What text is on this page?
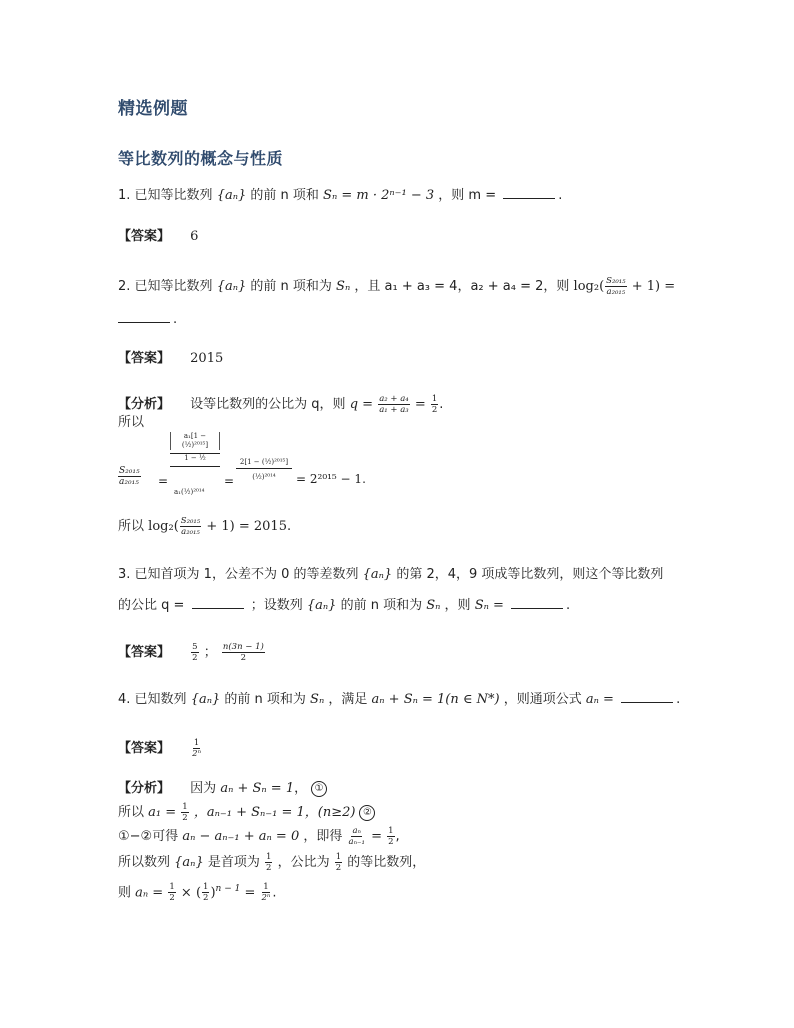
精选例题
等比数列的概念与性质
1. 已知等比数列 {aₙ} 的前 n 项和 Sₙ = m · 2ⁿ⁻¹ − 3 ，则 m =	.
【答案】 6
2. 已知等比数列 {aₙ} 的前 n 项和为 Sₙ ，且 a₁ + a₃ = 4，a₂ + a₄ = 2，则 $\log_2( \frac{\text{S₂₀₁₅}}{\text{a₂₀₁₅}} + 1)$ =
.
【答案】 2015
【分析】 设等比数列的公比为 q，则 $q = \frac{\text{a₂ + a₄}}{\text{a₁ + a₃}} = \frac{1}{2}$ .
所以
$\frac{\text{S₂₀₁₅}}{\text{a₂₀₁₅}}$ =
$\frac{\text{a₁[1 − (½)²⁰¹⁵]}}{\text{1 − ½}}$
a₁(½)²⁰¹⁴
=
2[1 − (½)²⁰¹⁵]
(½)²⁰¹⁴	= 2²⁰¹⁵ − 1.
所以 $\log_2( \frac{\text{S₂₀₁₅}}{\text{a₂₀₁₅}} + 1) = 2015$.
3. 已知首项为 1，公差不为 0 的等差数列 {aₙ} 的第 2，4，9 项成等比数列，则这个等比数列
的公比 q =	；设数列 {aₙ} 的前 n 项和为 Sₙ ，则 Sₙ =	.
【答案】 $\frac{5}{2}$ ； $\frac{n(3n - 1)}{2}$
4. 已知数列 {aₙ} 的前 n 项和为 Sₙ ，满足 aₙ + Sₙ = 1(n ∈ N*) ，则通项公式 aₙ =	.
【答案】 $\frac{1}{\text{2ⁿ}}$
【分析】 因为 aₙ + Sₙ = 1， ①
所以 $a_1 = \frac{1}{2}$ ，aₙ₋₁ + Sₙ₋₁ = 1，(n≥2) ②
①−②可得 aₙ − aₙ₋₁ + aₙ = 0 ，即得 $\frac{\text{aₙ}}{\text{aₙ₋₁}} = \frac{1}{2}$ ,
所以数列 {aₙ} 是首项为 $\frac{1}{2}$ ，公比为 $\frac{1}{2}$ 的等比数列，
则 $a_n = \frac{1}{2}$ × ( $\frac{1}{2} )^{n - 1} = \frac{1}{\text{2ⁿ}}$ .
